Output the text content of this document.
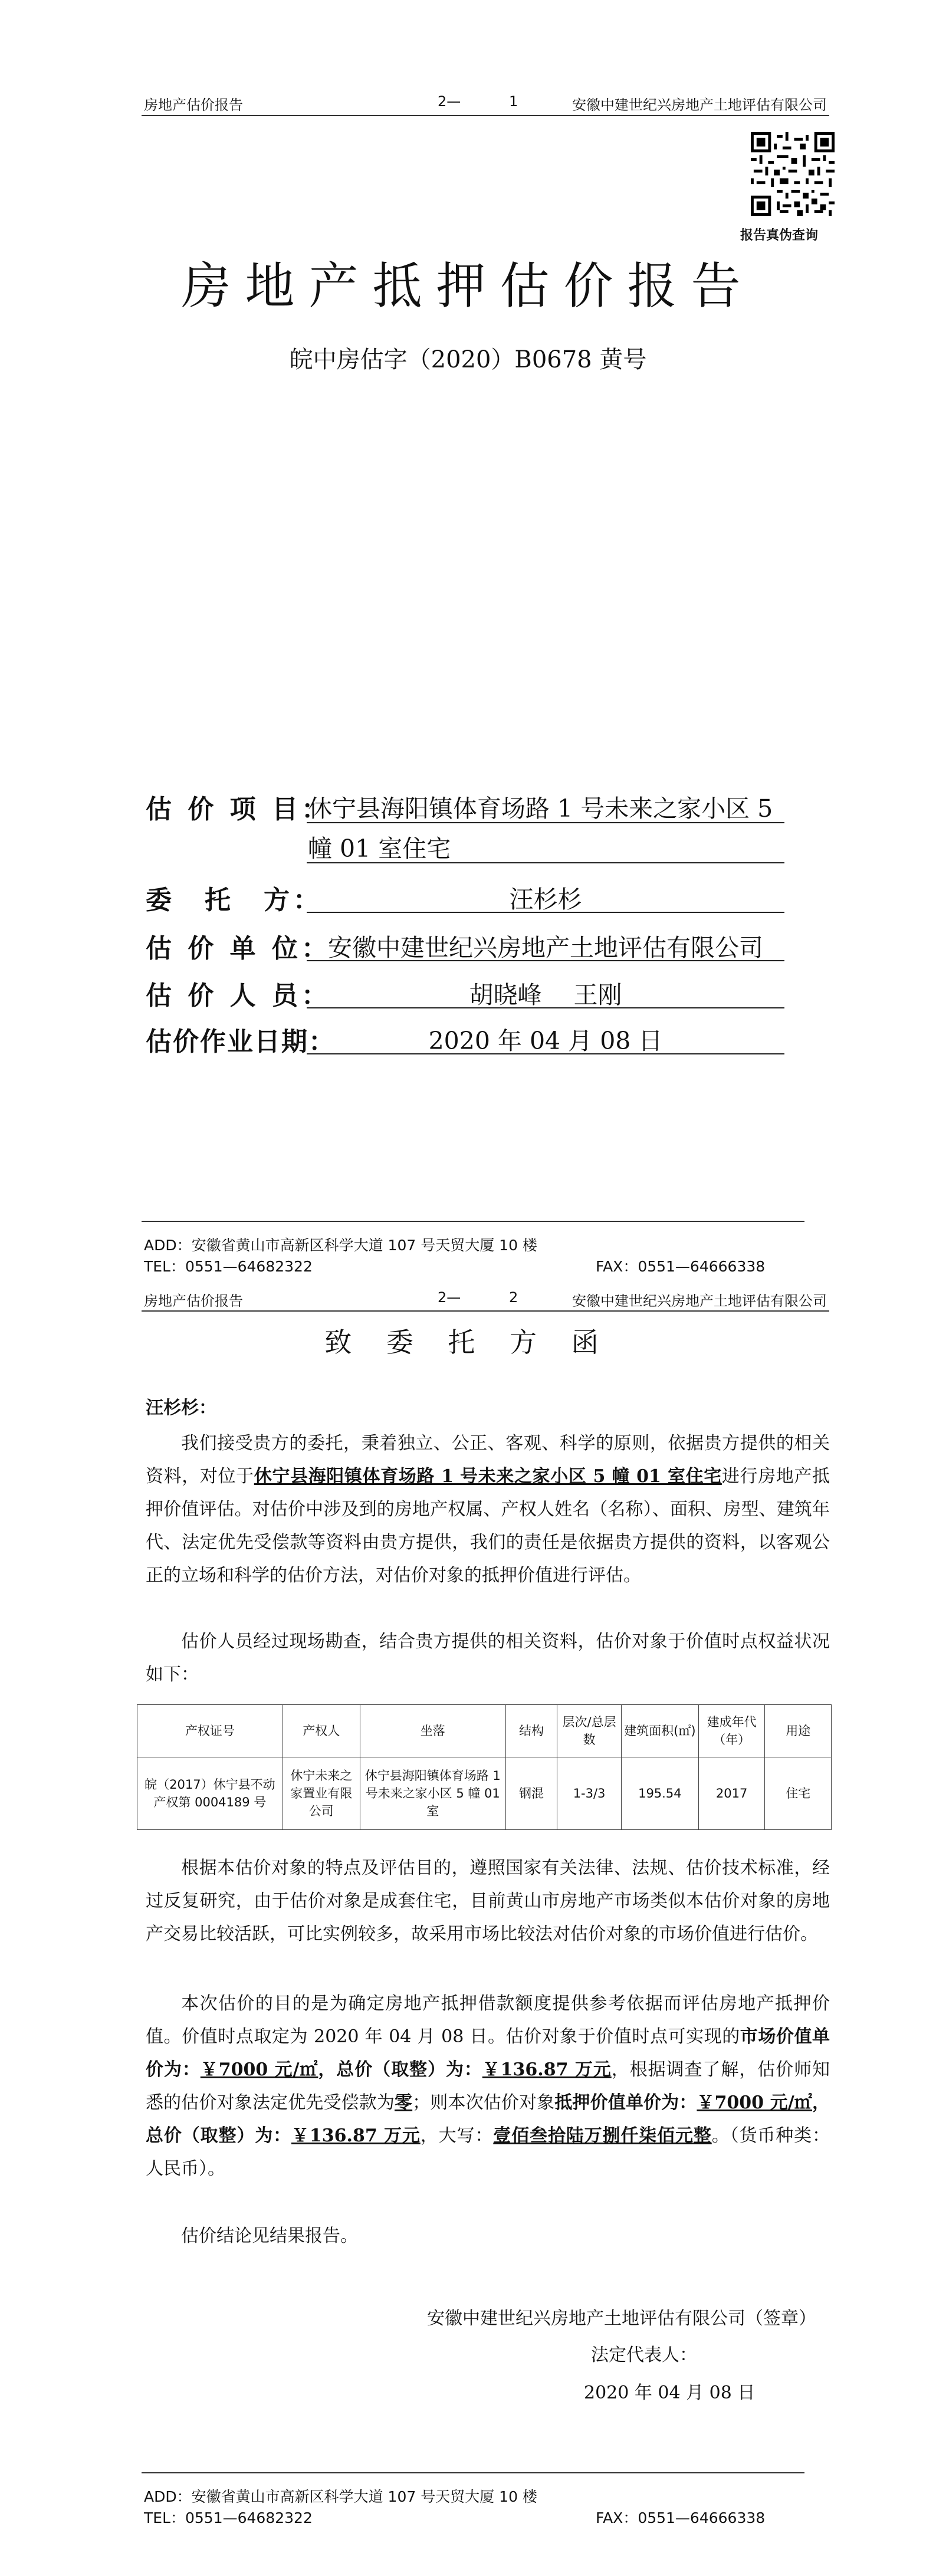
房地产估价报告	2—	1	安徽中建世纪兴房地产土地评估有限公司
报告真伪查询
房地产抵押估价报告
皖中房估字（2020）B0678 黄号
估 价 项 目：
休宁县海阳镇体育场路 1 号未来之家小区 5
幢 01 室住宅
委　托　方：	汪杉杉
估 价 单 位：
安徽中建世纪兴房地产土地评估有限公司
估 价 人 员：	胡晓峰　 王刚
估价作业日期：	2020 年 04 月 08 日
ADD：安徽省黄山市高新区科学大道 107 号天贸大厦 10 楼
TEL：0551—64682322	FAX：0551—64666338
房地产估价报告	2—	2	安徽中建世纪兴房地产土地评估有限公司
致 委 托 方 函
汪杉杉：
我们接受贵方的委托，秉着独立、公正、客观、科学的原则，依据贵方提供的相关资料，对位于休宁县海阳镇体育场路 1 号未来之家小区 5 幢 01 室住宅进行房地产抵押价值评估。对估价中涉及到的房地产权属、产权人姓名（名称）、面积、房型、建筑年代、法定优先受偿款等资料由贵方提供，我们的责任是依据贵方提供的资料，以客观公正的立场和科学的估价方法，对估价对象的抵押价值进行评估。
估价人员经过现场勘查，结合贵方提供的相关资料，估价对象于价值时点权益状况如下：
产权证号	产权人	坐落	结构	层次/总层数	建筑面积(㎡)	建成年代（年）	用途
皖（2017）休宁县不动产权第 0004189 号	休宁未来之家置业有限公司	休宁县海阳镇体育场路 1 号未来之家小区 5 幢 01 室	钢混	1-3/3	195.54	2017	住宅
根据本估价对象的特点及评估目的，遵照国家有关法律、法规、估价技术标准，经过反复研究，由于估价对象是成套住宅，目前黄山市房地产市场类似本估价对象的房地产交易比较活跃，可比实例较多，故采用市场比较法对估价对象的市场价值进行估价。
本次估价的目的是为确定房地产抵押借款额度提供参考依据而评估房地产抵押价值。价值时点取定为 2020 年 04 月 08 日。估价对象于价值时点可实现的市场价值单价为：￥7000 元/㎡，总价（取整）为：￥136.87 万元，根据调查了解，估价师知悉的估价对象法定优先受偿款为零；则本次估价对象抵押价值单价为：￥7000 元/㎡，总价（取整）为：￥136.87 万元，大写：壹佰叁拾陆万捌仟柒佰元整。（货币种类：人民币）。
估价结论见结果报告。
安徽中建世纪兴房地产土地评估有限公司（签章）
法定代表人：
2020 年 04 月 08 日
ADD：安徽省黄山市高新区科学大道 107 号天贸大厦 10 楼
TEL：0551—64682322	FAX：0551—64666338
